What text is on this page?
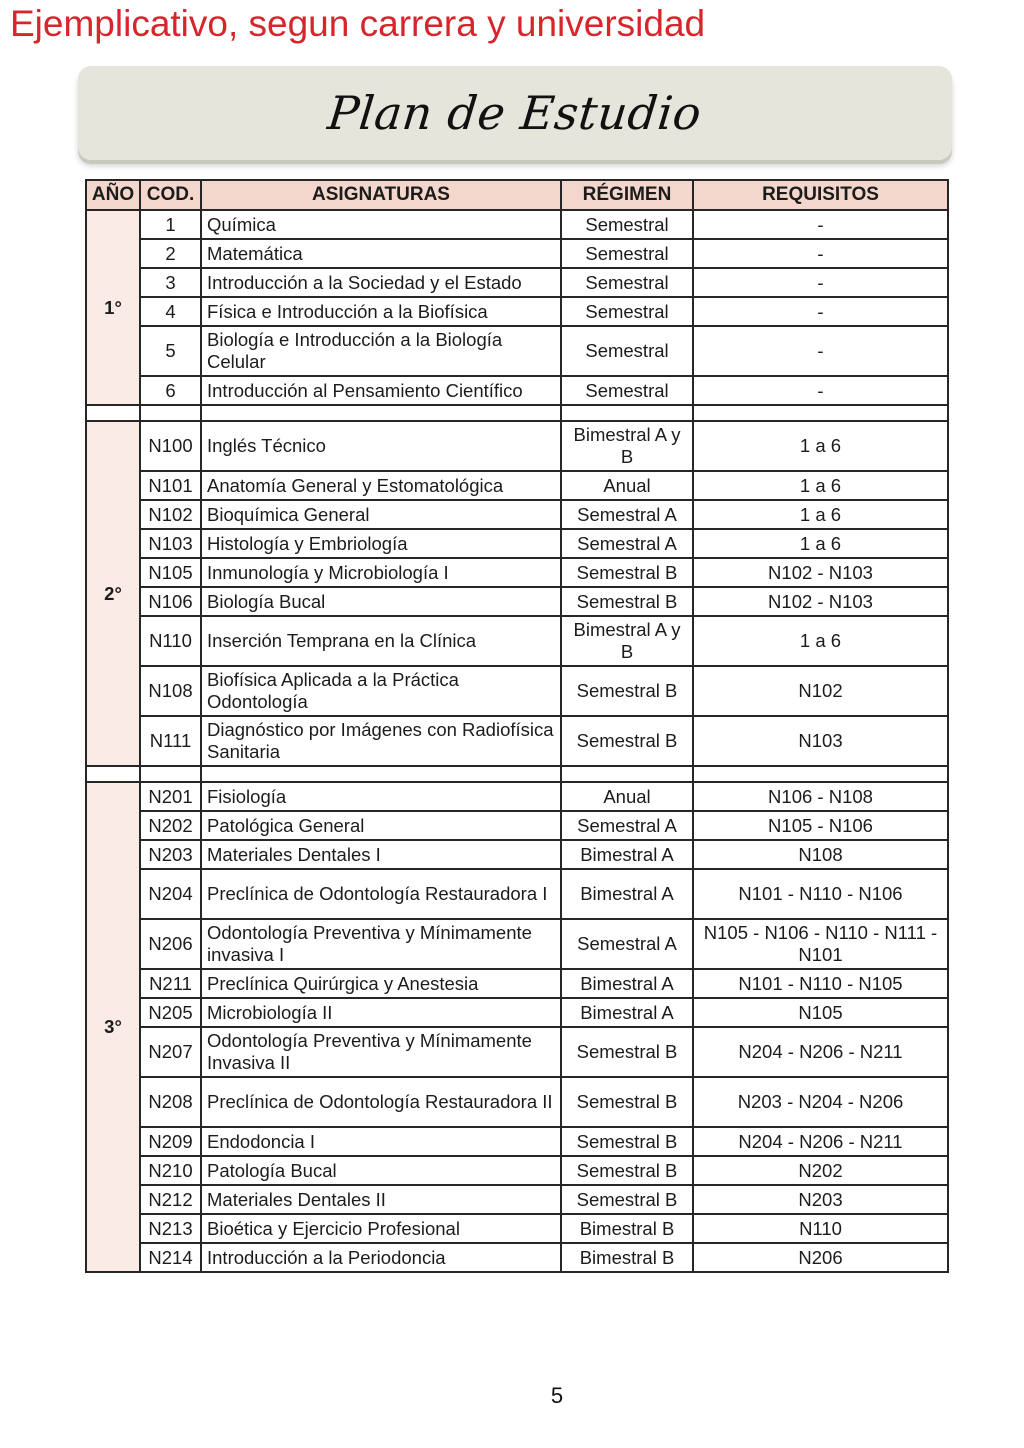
Ejemplicativo, segun carrera y universidad
Plan de Estudio
AÑO	COD.	ASIGNATURAS	RÉGIMEN	REQUISITOS
1°	1	Química	Semestral	-
	2	Matemática	Semestral	-
	3	Introducción a la Sociedad y el Estado	Semestral	-
	4	Física e Introducción a la Biofísica	Semestral	-
	5	Biología e Introducción a la Biología Celular	Semestral	-
	6	Introducción al Pensamiento Científico	Semestral	-

2°	N100	Inglés Técnico	Bimestral A y B	1 a 6
	N101	Anatomía General y Estomatológica	Anual	1 a 6
	N102	Bioquímica General	Semestral A	1 a 6
	N103	Histología y Embriología	Semestral A	1 a 6
	N105	Inmunología y Microbiología I	Semestral B	N102 - N103
	N106	Biología Bucal	Semestral B	N102 - N103
	N110	Inserción Temprana en la Clínica	Bimestral A y B	1 a 6
	N108	Biofísica Aplicada a la Práctica Odontología	Semestral B	N102
	N111	Diagnóstico por Imágenes con Radiofísica Sanitaria	Semestral B	N103

3°	N201	Fisiología	Anual	N106 - N108
	N202	Patológica General	Semestral A	N105 - N106
	N203	Materiales Dentales I	Bimestral A	N108
	N204	Preclínica de Odontología Restauradora I	Bimestral A	N101 - N110 - N106
	N206	Odontología Preventiva y Mínimamente invasiva I	Semestral A	N105 - N106 - N110 - N111 - N101
	N211	Preclínica Quirúrgica y Anestesia	Bimestral A	N101 - N110 - N105
	N205	Microbiología II	Bimestral A	N105
	N207	Odontología Preventiva y Mínimamente Invasiva II	Semestral B	N204 - N206 - N211
	N208	Preclínica de Odontología Restauradora II	Semestral B	N203 - N204 - N206
	N209	Endodoncia I	Semestral B	N204 - N206 - N211
	N210	Patología Bucal	Semestral B	N202
	N212	Materiales Dentales II	Semestral B	N203
	N213	Bioética y Ejercicio Profesional	Bimestral B	N110
	N214	Introducción a la Periodoncia	Bimestral B	N206
5
